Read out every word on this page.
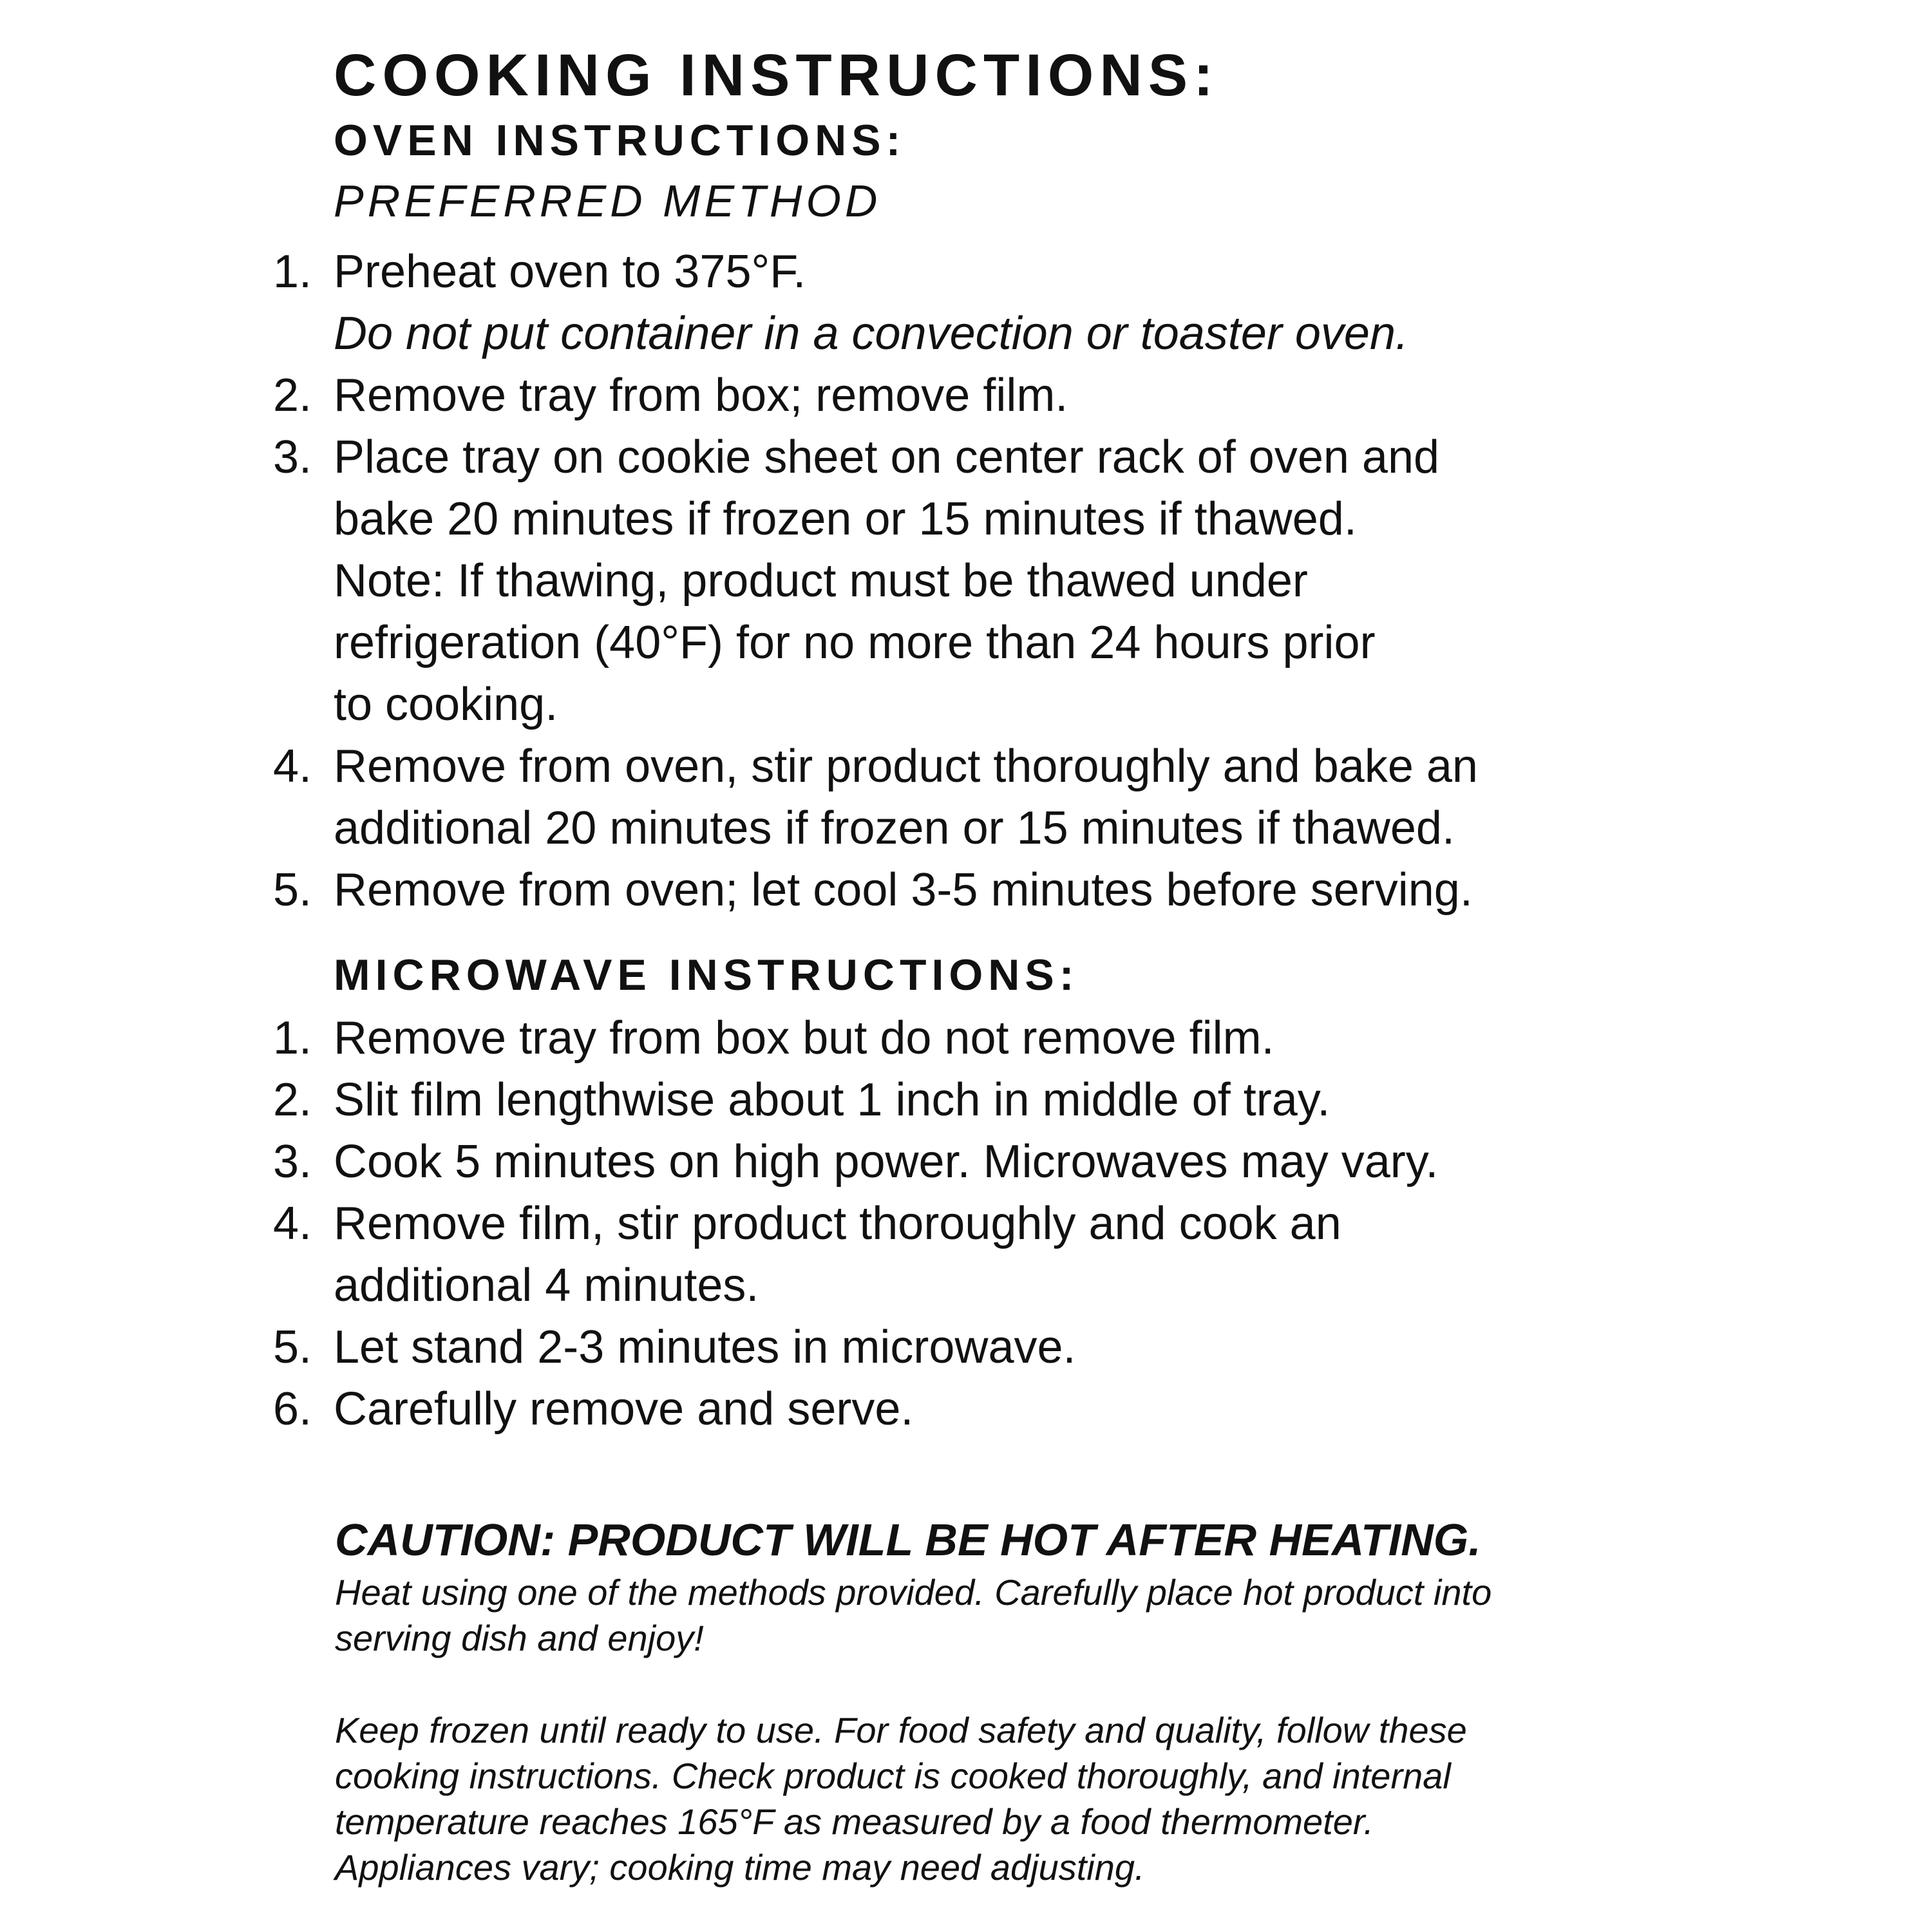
COOKING INSTRUCTIONS:
OVEN INSTRUCTIONS:
PREFERRED METHOD
1. Preheat oven to 375°F.
Do not put container in a convection or toaster oven.
2. Remove tray from box; remove film.
3. Place tray on cookie sheet on center rack of oven and
bake 20 minutes if frozen or 15 minutes if thawed.
Note: If thawing, product must be thawed under
refrigeration (40°F) for no more than 24 hours prior
to cooking.
4. Remove from oven, stir product thoroughly and bake an
additional 20 minutes if frozen or 15 minutes if thawed.
5. Remove from oven; let cool 3-5 minutes before serving.
MICROWAVE INSTRUCTIONS:
1. Remove tray from box but do not remove film.
2. Slit film lengthwise about 1 inch in middle of tray.
3. Cook 5 minutes on high power. Microwaves may vary.
4. Remove film, stir product thoroughly and cook an
additional 4 minutes.
5. Let stand 2-3 minutes in microwave.
6. Carefully remove and serve.
CAUTION: PRODUCT WILL BE HOT AFTER HEATING.
Heat using one of the methods provided. Carefully place hot product into
serving dish and enjoy!
Keep frozen until ready to use. For food safety and quality, follow these
cooking instructions. Check product is cooked thoroughly, and internal
temperature reaches 165°F as measured by a food thermometer.
Appliances vary; cooking time may need adjusting.
